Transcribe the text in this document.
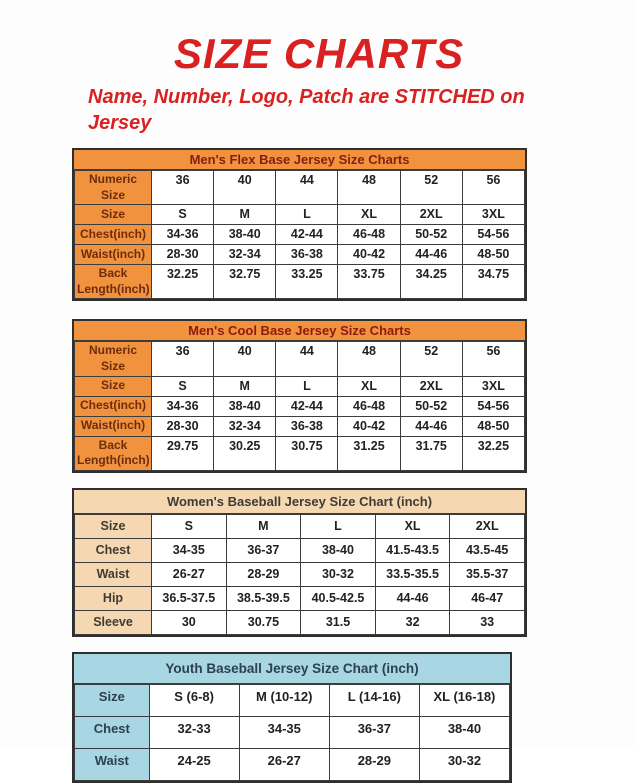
SIZE CHARTS

Name, Number, Logo, Patch are STITCHED on Jersey

Men's Flex Base Jersey Size Charts
Numeric Size	36	40	44	48	52	56
Size	S	M	L	XL	2XL	3XL
Chest(inch)	34-36	38-40	42-44	46-48	50-52	54-56
Waist(inch)	28-30	32-34	36-38	40-42	44-46	48-50
Back Length(inch)	32.25	32.75	33.25	33.75	34.25	34.75
Men's Cool Base Jersey Size Charts
Numeric Size	36	40	44	48	52	56
Size	S	M	L	XL	2XL	3XL
Chest(inch)	34-36	38-40	42-44	46-48	50-52	54-56
Waist(inch)	28-30	32-34	36-38	40-42	44-46	48-50
Back Length(inch)	29.75	30.25	30.75	31.25	31.75	32.25
Women's Baseball Jersey Size Chart (inch)
Size	S	M	L	XL	2XL
Chest	34-35	36-37	38-40	41.5-43.5	43.5-45
Waist	26-27	28-29	30-32	33.5-35.5	35.5-37
Hip	36.5-37.5	38.5-39.5	40.5-42.5	44-46	46-47
Sleeve	30	30.75	31.5	32	33
Youth Baseball Jersey Size Chart (inch)
Size	S (6-8)	M (10-12)	L (14-16)	XL (16-18)
Chest	32-33	34-35	36-37	38-40
Waist	24-25	26-27	28-29	30-32
